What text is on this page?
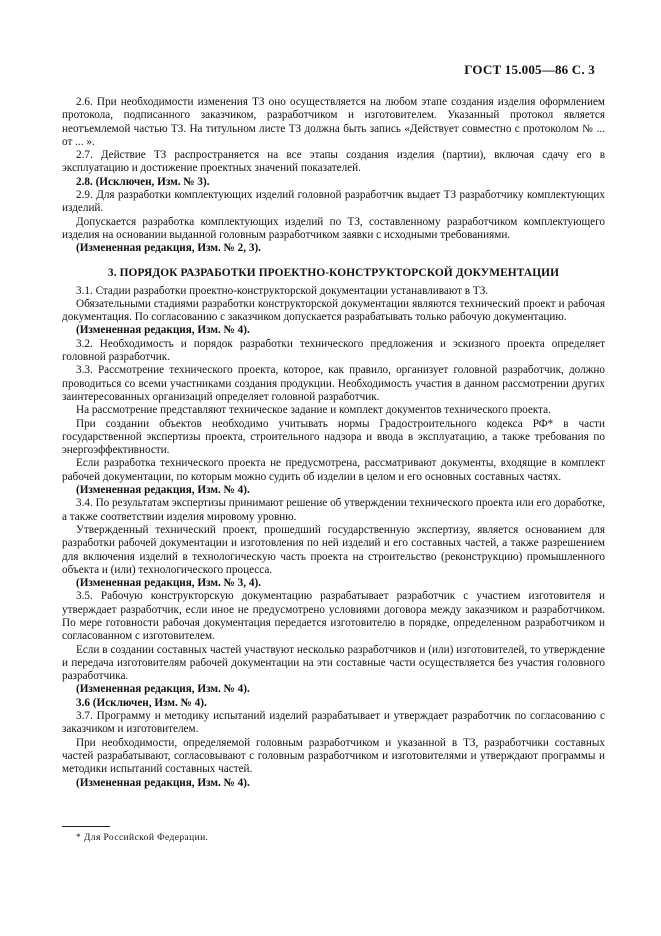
ГОСТ 15.005—86 С. 3

2.6. При необходимости изменения ТЗ оно осуществляется на любом этапе создания изделия оформлением протокола, подписанного заказчиком, разработчиком и изготовителем. Указанный протокол является неотъемлемой частью ТЗ. На титульном листе ТЗ должна быть запись «Действует совместно с протоколом № ... от ... ».

2.7. Действие ТЗ распространяется на все этапы создания изделия (партии), включая сдачу его в эксплуатацию и достижение проектных значений показателей.

2.8. (Исключен, Изм. № 3).

2.9. Для разработки комплектующих изделий головной разработчик выдает ТЗ разработчику комплектующих изделий.

Допускается разработка комплектующих изделий по ТЗ, составленному разработчиком комплектующего изделия на основании выданной головным разработчиком заявки с исходными требованиями.

(Измененная редакция, Изм. № 2, 3).

3. ПОРЯДОК РАЗРАБОТКИ ПРОЕКТНО-КОНСТРУКТОРСКОЙ ДОКУМЕНТАЦИИ

3.1. Стадии разработки проектно-конструкторской документации устанавливают в ТЗ.

Обязательными стадиями разработки конструкторской документации являются технический проект и рабочая документация. По согласованию с заказчиком допускается разрабатывать только рабочую документацию.

(Измененная редакция, Изм. № 4).

3.2. Необходимость и порядок разработки технического предложения и эскизного проекта определяет головной разработчик.

3.3. Рассмотрение технического проекта, которое, как правило, организует головной разработчик, должно проводиться со всеми участниками создания продукции. Необходимость участия в данном рассмотрении других заинтересованных организаций определяет головной разработчик.

На рассмотрение представляют техническое задание и комплект документов технического проекта.

При создании объектов необходимо учитывать нормы Градостроительного кодекса РФ* в части государственной экспертизы проекта, строительного надзора и ввода в эксплуатацию, а также требования по энергоэффективности.

Если разработка технического проекта не предусмотрена, рассматривают документы, входящие в комплект рабочей документации, по которым можно судить об изделии в целом и его основных составных частях.

(Измененная редакция, Изм. № 4).

3.4. По результатам экспертизы принимают решение об утверждении технического проекта или его доработке, а также соответствии изделия мировому уровню.

Утвержденный технический проект, прошедший государственную экспертизу, является основанием для разработки рабочей документации и изготовления по ней изделий и его составных частей, а также разрешением для включения изделий в технологическую часть проекта на строительство (реконструкцию) промышленного объекта и (или) технологического процесса.

(Измененная редакция, Изм. № 3, 4).

3.5. Рабочую конструкторскую документацию разрабатывает разработчик с участием изготовителя и утверждает разработчик, если иное не предусмотрено условиями договора между заказчиком и разработчиком. По мере готовности рабочая документация передается изготовителю в порядке, определенном разработчиком и согласованном с изготовителем.

Если в создании составных частей участвуют несколько разработчиков и (или) изготовителей, то утверждение и передача изготовителям рабочей документации на эти составные части осуществляется без участия головного разработчика.

(Измененная редакция, Изм. № 4).

3.6 (Исключен, Изм. № 4).

3.7. Программу и методику испытаний изделий разрабатывает и утверждает разработчик по согласованию с заказчиком и изготовителем.

При необходимости, определяемой головным разработчиком и указанной в ТЗ, разработчики составных частей разрабатывают, согласовывают с головным разработчиком и изготовителями и утверждают программы и методики испытаний составных частей.

(Измененная редакция, Изм. № 4).

* Для Российской Федерации.
